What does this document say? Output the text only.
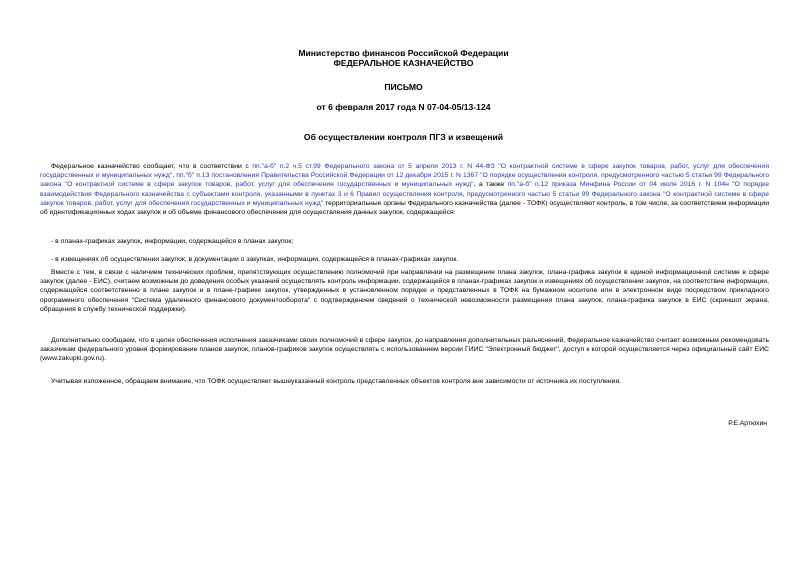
Министерство финансов Российской Федерации
ФЕДЕРАЛЬНОЕ КАЗНАЧЕЙСТВО
ПИСЬМО
от 6 февраля 2017 года N 07-04-05/13-124
Об осуществлении контроля ПГЗ и извещений

Федеральное казначейство сообщает, что в соответствии с пп."а-б" п.2 ч.5 ст.99 Федерального закона от 5 апреля 2013 г. N 44-ФЗ "О контрактной системе в сфере закупок товаров, работ, услуг для обеспечения государственных и муниципальных нужд", пп."б" п.13 постановления Правительства Российской Федерации от 12 декабря 2015 г. N 1367 "О порядке осуществления контроля, предусмотренного частью 5 статьи 99 Федерального закона "О контрактной системе в сфере закупок товаров, работ, услуг для обеспечения государственных и муниципальных нужд", а также пп."а-б" п.12 приказа Минфина России от 04 июля 2016 г. N 104н "О порядке взаимодействия Федерального казначейства с субъектами контроля, указанными в пунктах 3 и 6 Правил осуществления контроля, предусмотренного частью 5 статьи 99 Федерального закона "О контрактной системе в сфере закупок товаров, работ, услуг для обеспечения государственных и муниципальных нужд" территориальные органы Федерального казначейства (далее - ТОФК) осуществляют контроль, в том числе, за соответствием информации об идентификационных кодах закупок и об объеме финансового обеспечения для осуществления данных закупок, содержащейся:

- в планах-графиках закупок, информации, содержащейся в планах закупок;

- в извещениях об осуществлении закупок, в документации о закупках, информации, содержащейся в планах-графиках закупок.

Вместе с тем, в связи с наличием технических проблем, препятствующих осуществлению полномочий при направлении на размещение плана закупок, плана-графика закупок в единой информационной системе в сфере закупок (далее - ЕИС), считаем возможным до доведения особых указаний осуществлять контроль информации, содержащейся в планах-графиках закупок и извещениях об осуществлении закупок, на соответствие информации, содержащейся соответственно в плане закупок и в плане-графике закупок, утвержденных в установленном порядке и представленных в ТОФК на бумажном носителе или в электронном виде посредством прикладного программного обеспечения "Система удаленного финансового документооборота" с подтверждением сведений о технической невозможности размещения плана закупок, плана-графика закупок в ЕИС (скриншот экрана, обращения в службу технической поддержки).

Дополнительно сообщаем, что в целях обеспечения исполнения заказчиками своих полномочий в сфере закупок, до направления дополнительных разъяснений, Федеральное казначейство считает возможным рекомендовать заказчикам федерального уровня формирование планов закупок, планов-графиков закупок осуществлять с использованием версии ГИИС "Электронный бюджет", доступ к которой осуществляется через официальный сайт ЕИС (www.zakupki.gov.ru).

Учитывая изложенное, обращаем внимание, что ТОФК осуществляет вышеуказанный контроль представленных объектов контроля вне зависимости от источника их поступления.

Р.Е.Артюхин
